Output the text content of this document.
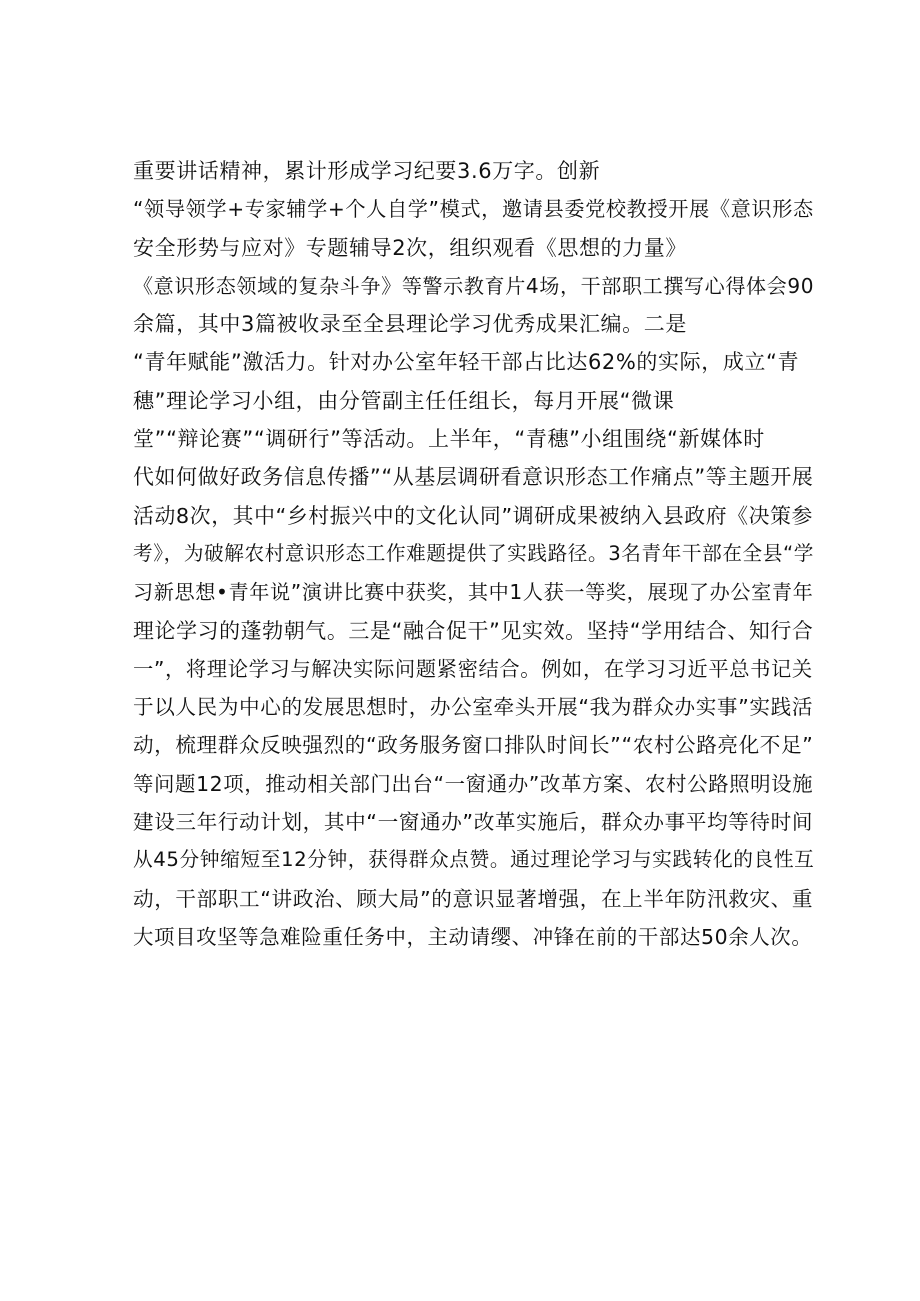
重要讲话精神，累计形成学习纪要3.6万字。创新
“领导领学+专家辅学+个人自学”模式，邀请县委党校教授开展《意识形态
安全形势与应对》专题辅导2次，组织观看《思想的力量》
《意识形态领域的复杂斗争》等警示教育片4场，干部职工撰写心得体会90
余篇，其中3篇被收录至全县理论学习优秀成果汇编。二是
“青年赋能”激活力。针对办公室年轻干部占比达62%的实际，成立“青
穗”理论学习小组，由分管副主任任组长，每月开展“微课
堂”“辩论赛”“调研行”等活动。上半年，“青穗”小组围绕“新媒体时
代如何做好政务信息传播”“从基层调研看意识形态工作痛点”等主题开展
活动8次，其中“乡村振兴中的文化认同”调研成果被纳入县政府《决策参
考》，为破解农村意识形态工作难题提供了实践路径。3名青年干部在全县“学
习新思想•青年说”演讲比赛中获奖，其中1人获一等奖，展现了办公室青年
理论学习的蓬勃朝气。三是“融合促干”见实效。坚持“学用结合、知行合
一”，将理论学习与解决实际问题紧密结合。例如，在学习习近平总书记关
于以人民为中心的发展思想时，办公室牵头开展“我为群众办实事”实践活
动，梳理群众反映强烈的“政务服务窗口排队时间长”“农村公路亮化不足”
等问题12项，推动相关部门出台“一窗通办”改革方案、农村公路照明设施
建设三年行动计划，其中“一窗通办”改革实施后，群众办事平均等待时间
从45分钟缩短至12分钟，获得群众点赞。通过理论学习与实践转化的良性互
动，干部职工“讲政治、顾大局”的意识显著增强，在上半年防汛救灾、重
大项目攻坚等急难险重任务中，主动请缨、冲锋在前的干部达50余人次。
